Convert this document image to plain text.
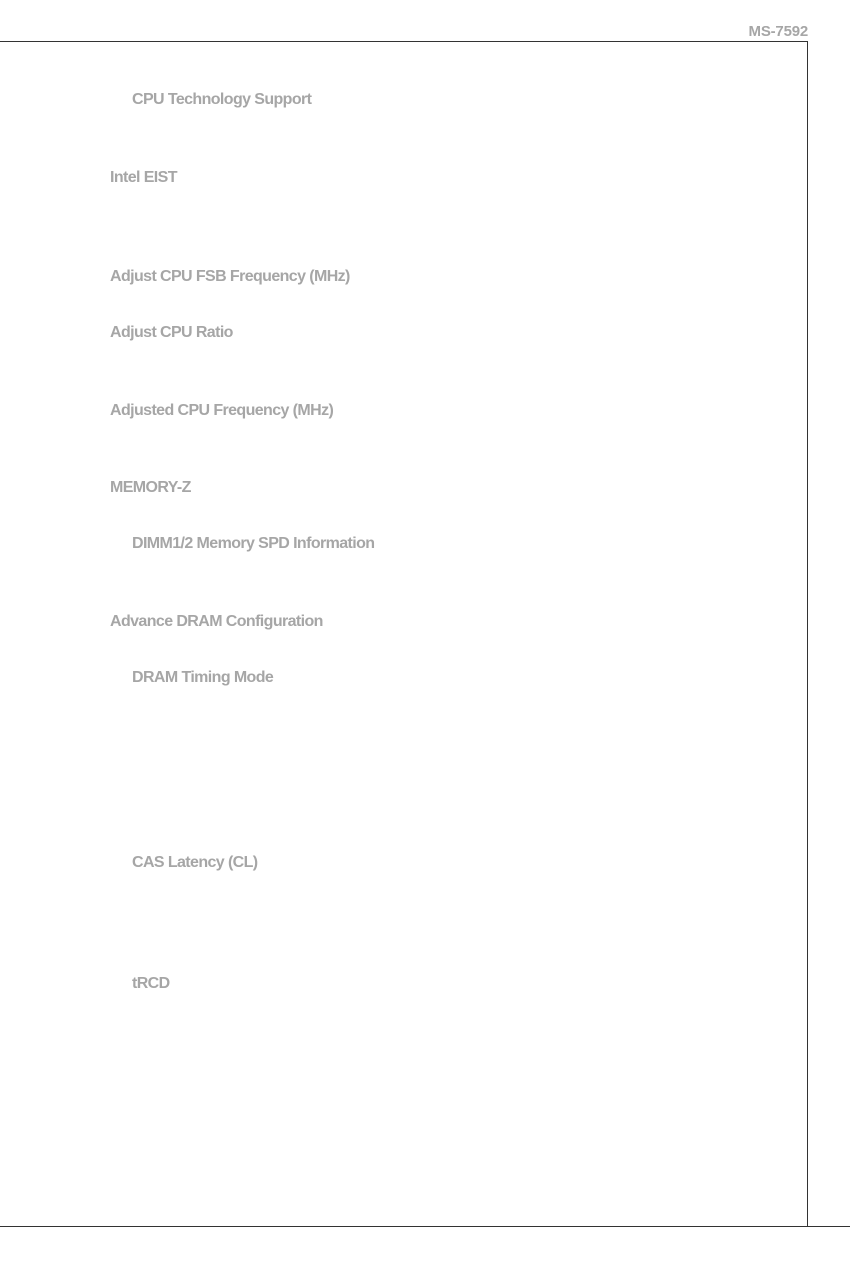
MS-7592
CPU Technology Support
Intel EIST
Adjust CPU FSB Frequency (MHz)
Adjust CPU Ratio
Adjusted CPU Frequency (MHz)
MEMORY-Z
DIMM1/2 Memory SPD Information
Advance DRAM Configuration
DRAM Timing Mode
CAS Latency (CL)
tRCD
